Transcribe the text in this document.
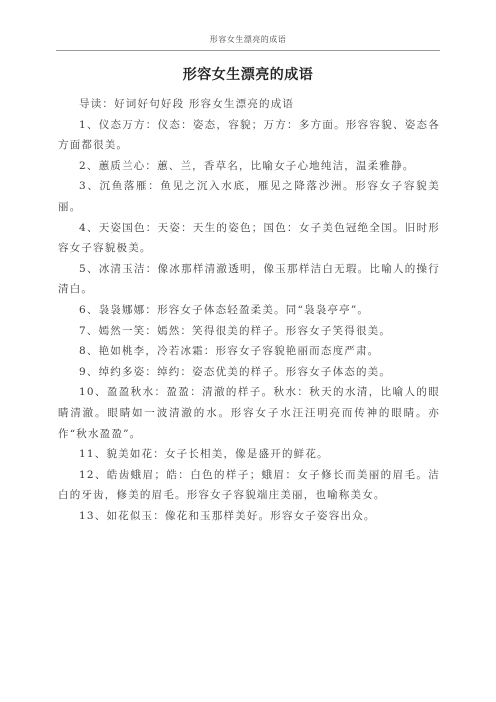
形容女生漂亮的成语
形容女生漂亮的成语

导读：好词好句好段 形容女生漂亮的成语

1、仪态万方：仪态：姿态，容貌；万方：多方面。形容容貌、姿态各方面都很美。

2、蕙质兰心：蕙、兰，香草名，比喻女子心地纯洁，温柔雅静。

3、沉鱼落雁：鱼见之沉入水底，雁见之降落沙洲。形容女子容貌美丽。

4、天姿国色：天姿：天生的姿色；国色：女子美色冠绝全国。旧时形容女子容貌极美。

5、冰清玉洁：像冰那样清澈透明，像玉那样洁白无瑕。比喻人的操行清白。

6、袅袅娜娜：形容女子体态轻盈柔美。同“袅袅亭亭”。

7、嫣然一笑：嫣然：笑得很美的样子。形容女子笑得很美。

8、艳如桃李，冷若冰霜：形容女子容貌艳丽而态度严肃。

9、绰约多姿：绰约：姿态优美的样子。形容女子体态的美。

10、盈盈秋水：盈盈：清澈的样子。秋水：秋天的水清，比喻人的眼睛清澈。眼睛如一波清澈的水。形容女子水汪汪明亮而传神的眼睛。亦作“秋水盈盈”。

11、貌美如花：女子长相美，像是盛开的鲜花。

12、皓齿蛾眉；皓：白色的样子；蛾眉：女子修长而美丽的眉毛。洁白的牙齿，修美的眉毛。形容女子容貌端庄美丽，也喻称美女。

13、如花似玉：像花和玉那样美好。形容女子姿容出众。
